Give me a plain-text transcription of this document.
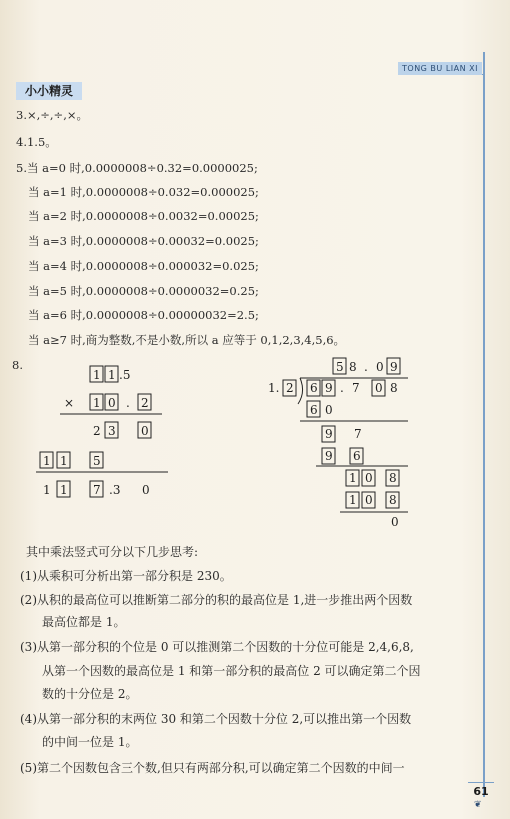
TONG BU LIAN XI
小小精灵
3.×,÷,÷,×。
4.1.5。
5.当 a=0 时,0.0000008÷0.32=0.0000025;
当 a=1 时,0.0000008÷0.032=0.000025;
当 a=2 时,0.0000008÷0.0032=0.00025;
当 a=3 时,0.0000008÷0.00032=0.0025;
当 a=4 时,0.0000008÷0.000032=0.025;
当 a=5 时,0.0000008÷0.0000032=0.25;
当 a=6 时,0.0000008÷0.00000032=2.5;
当 a≥7 时,商为整数,不是小数,所以 a 应等于 0,1,2,3,4,5,6。
8.
1 1 .5
× 1 0 . 2
2 3 0
1 1 5
1 1 7 .3 0
5 8 . 0 9
1. 2 6 9 . 7 0 8
6 0
9 7
9 6
1 0 8
1 0 8
0
其中乘法竖式可分以下几步思考:
(1)从乘积可分析出第一部分积是 230。
(2)从积的最高位可以推断第二部分的积的最高位是 1,进一步推出两个因数
最高位都是 1。
(3)从第一部分积的个位是 0 可以推测第二个因数的十分位可能是 2,4,6,8,
从第一个因数的最高位是 1 和第一部分积的最高位 2 可以确定第二个因
数的十分位是 2。
(4)从第一部分积的末两位 30 和第二个因数十分位 2,可以推出第一个因数
的中间一位是 1。
(5)第二个因数包含三个数,但只有两部分积,可以确定第二个因数的中间一
61
❦
